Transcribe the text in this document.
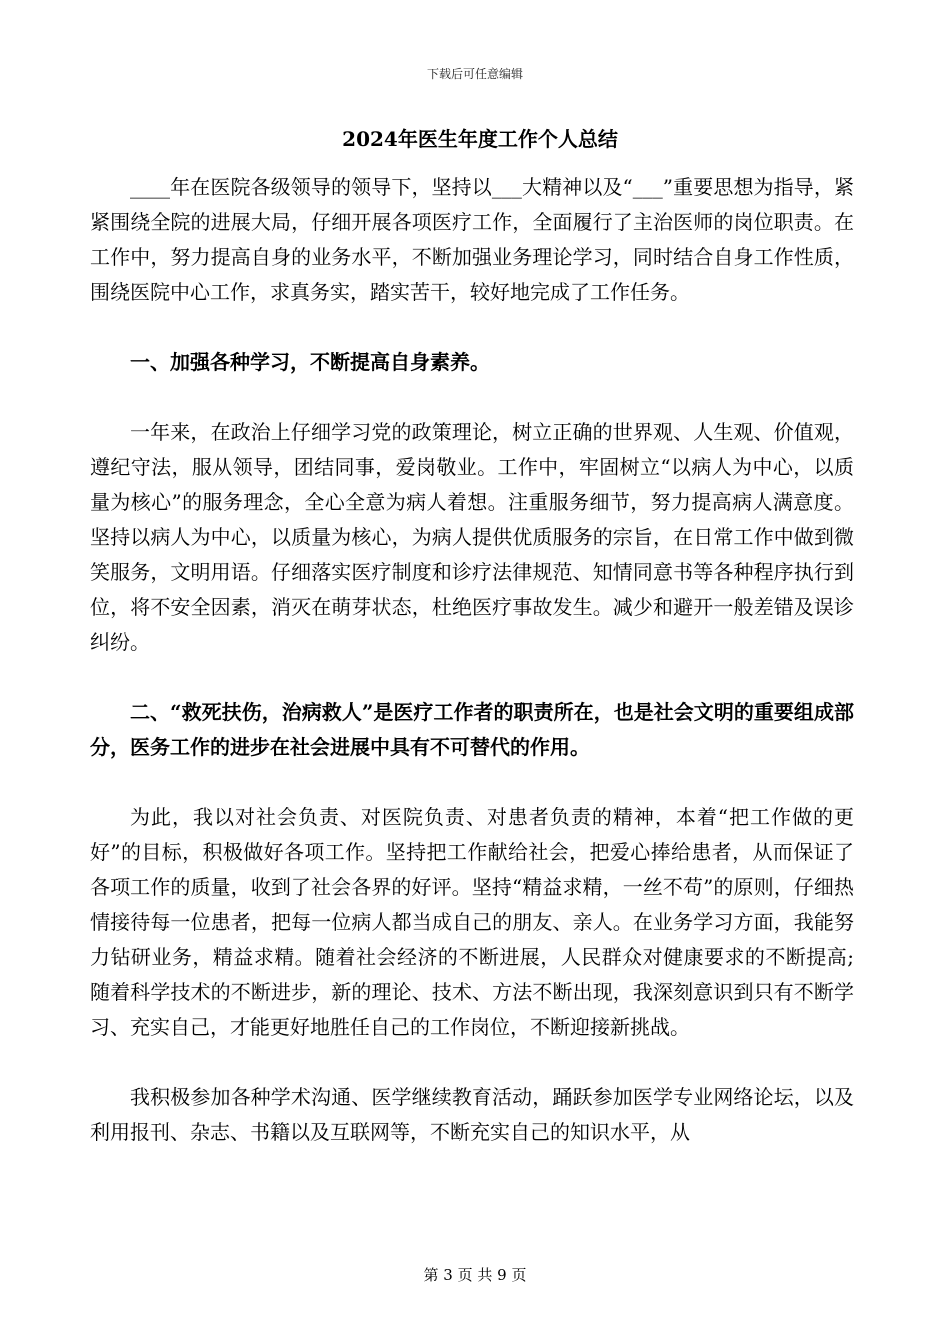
下载后可任意编辑
2024年医生年度工作个人总结

____年在医院各级领导的领导下，坚持以___大精神以及“___”重要思想为指导，紧紧围绕全院的进展大局，仔细开展各项医疗工作，全面履行了主治医师的岗位职责。在工作中，努力提高自身的业务水平，不断加强业务理论学习，同时结合自身工作性质，围绕医院中心工作，求真务实，踏实苦干，较好地完成了工作任务。

一、加强各种学习，不断提高自身素养。

一年来，在政治上仔细学习党的政策理论，树立正确的世界观、人生观、价值观，遵纪守法，服从领导，团结同事，爱岗敬业。工作中，牢固树立“以病人为中心，以质量为核心”的服务理念，全心全意为病人着想。注重服务细节，努力提高病人满意度。坚持以病人为中心，以质量为核心，为病人提供优质服务的宗旨，在日常工作中做到微笑服务，文明用语。仔细落实医疗制度和诊疗法律规范、知情同意书等各种程序执行到位，将不安全因素，消灭在萌芽状态，杜绝医疗事故发生。减少和避开一般差错及误诊纠纷。

二、“救死扶伤，治病救人”是医疗工作者的职责所在，也是社会文明的重要组成部分，医务工作的进步在社会进展中具有不可替代的作用。

为此，我以对社会负责、对医院负责、对患者负责的精神，本着“把工作做的更好”的目标，积极做好各项工作。坚持把工作献给社会，把爱心捧给患者，从而保证了各项工作的质量，收到了社会各界的好评。坚持“精益求精，一丝不苟”的原则，仔细热情接待每一位患者，把每一位病人都当成自己的朋友、亲人。在业务学习方面，我能努力钻研业务，精益求精。随着社会经济的不断进展，人民群众对健康要求的不断提高;随着科学技术的不断进步，新的理论、技术、方法不断出现，我深刻意识到只有不断学习、充实自己，才能更好地胜任自己的工作岗位，不断迎接新挑战。

我积极参加各种学术沟通、医学继续教育活动，踊跃参加医学专业网络论坛，以及利用报刊、杂志、书籍以及互联网等，不断充实自己的知识水平，从

第 3 页 共 9 页
